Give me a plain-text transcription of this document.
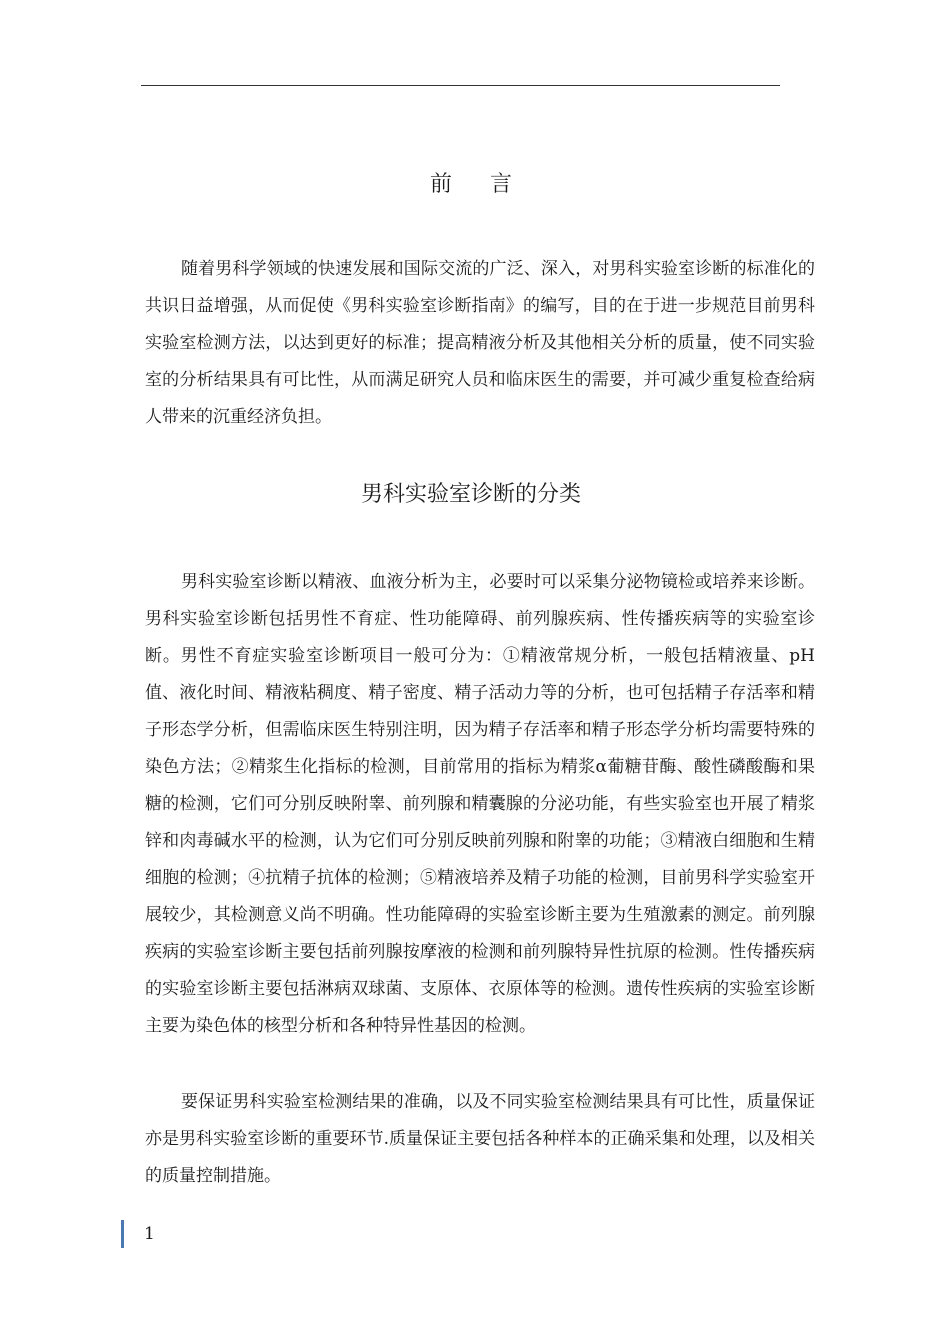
前 言

随着男科学领域的快速发展和国际交流的广泛、深入，对男科实验室诊断的标准化的共识日益增强，从而促使《男科实验室诊断指南》的编写，目的在于进一步规范目前男科实验室检测方法，以达到更好的标准；提高精液分析及其他相关分析的质量，使不同实验室的分析结果具有可比性，从而满足研究人员和临床医生的需要，并可减少重复检查给病人带来的沉重经济负担。

男科实验室诊断的分类

男科实验室诊断以精液、血液分析为主，必要时可以采集分泌物镜检或培养来诊断。男科实验室诊断包括男性不育症、性功能障碍、前列腺疾病、性传播疾病等的实验室诊断。男性不育症实验室诊断项目一般可分为：①精液常规分析，一般包括精液量、pH 值、液化时间、精液粘稠度、精子密度、精子活动力等的分析，也可包括精子存活率和精子形态学分析，但需临床医生特别注明，因为精子存活率和精子形态学分析均需要特殊的染色方法；②精浆生化指标的检测，目前常用的指标为精浆α葡糖苷酶、酸性磷酸酶和果糖的检测，它们可分别反映附睾、前列腺和精囊腺的分泌功能，有些实验室也开展了精浆锌和肉毒碱水平的检测，认为它们可分别反映前列腺和附睾的功能；③精液白细胞和生精细胞的检测；④抗精子抗体的检测；⑤精液培养及精子功能的检测，目前男科学实验室开展较少，其检测意义尚不明确。性功能障碍的实验室诊断主要为生殖激素的测定。前列腺疾病的实验室诊断主要包括前列腺按摩液的检测和前列腺特异性抗原的检测。性传播疾病的实验室诊断主要包括淋病双球菌、支原体、衣原体等的检测。遗传性疾病的实验室诊断主要为染色体的核型分析和各种特异性基因的检测。

要保证男科实验室检测结果的准确，以及不同实验室检测结果具有可比性，质量保证亦是男科实验室诊断的重要环节.质量保证主要包括各种样本的正确采集和处理，以及相关的质量控制措施。

1
